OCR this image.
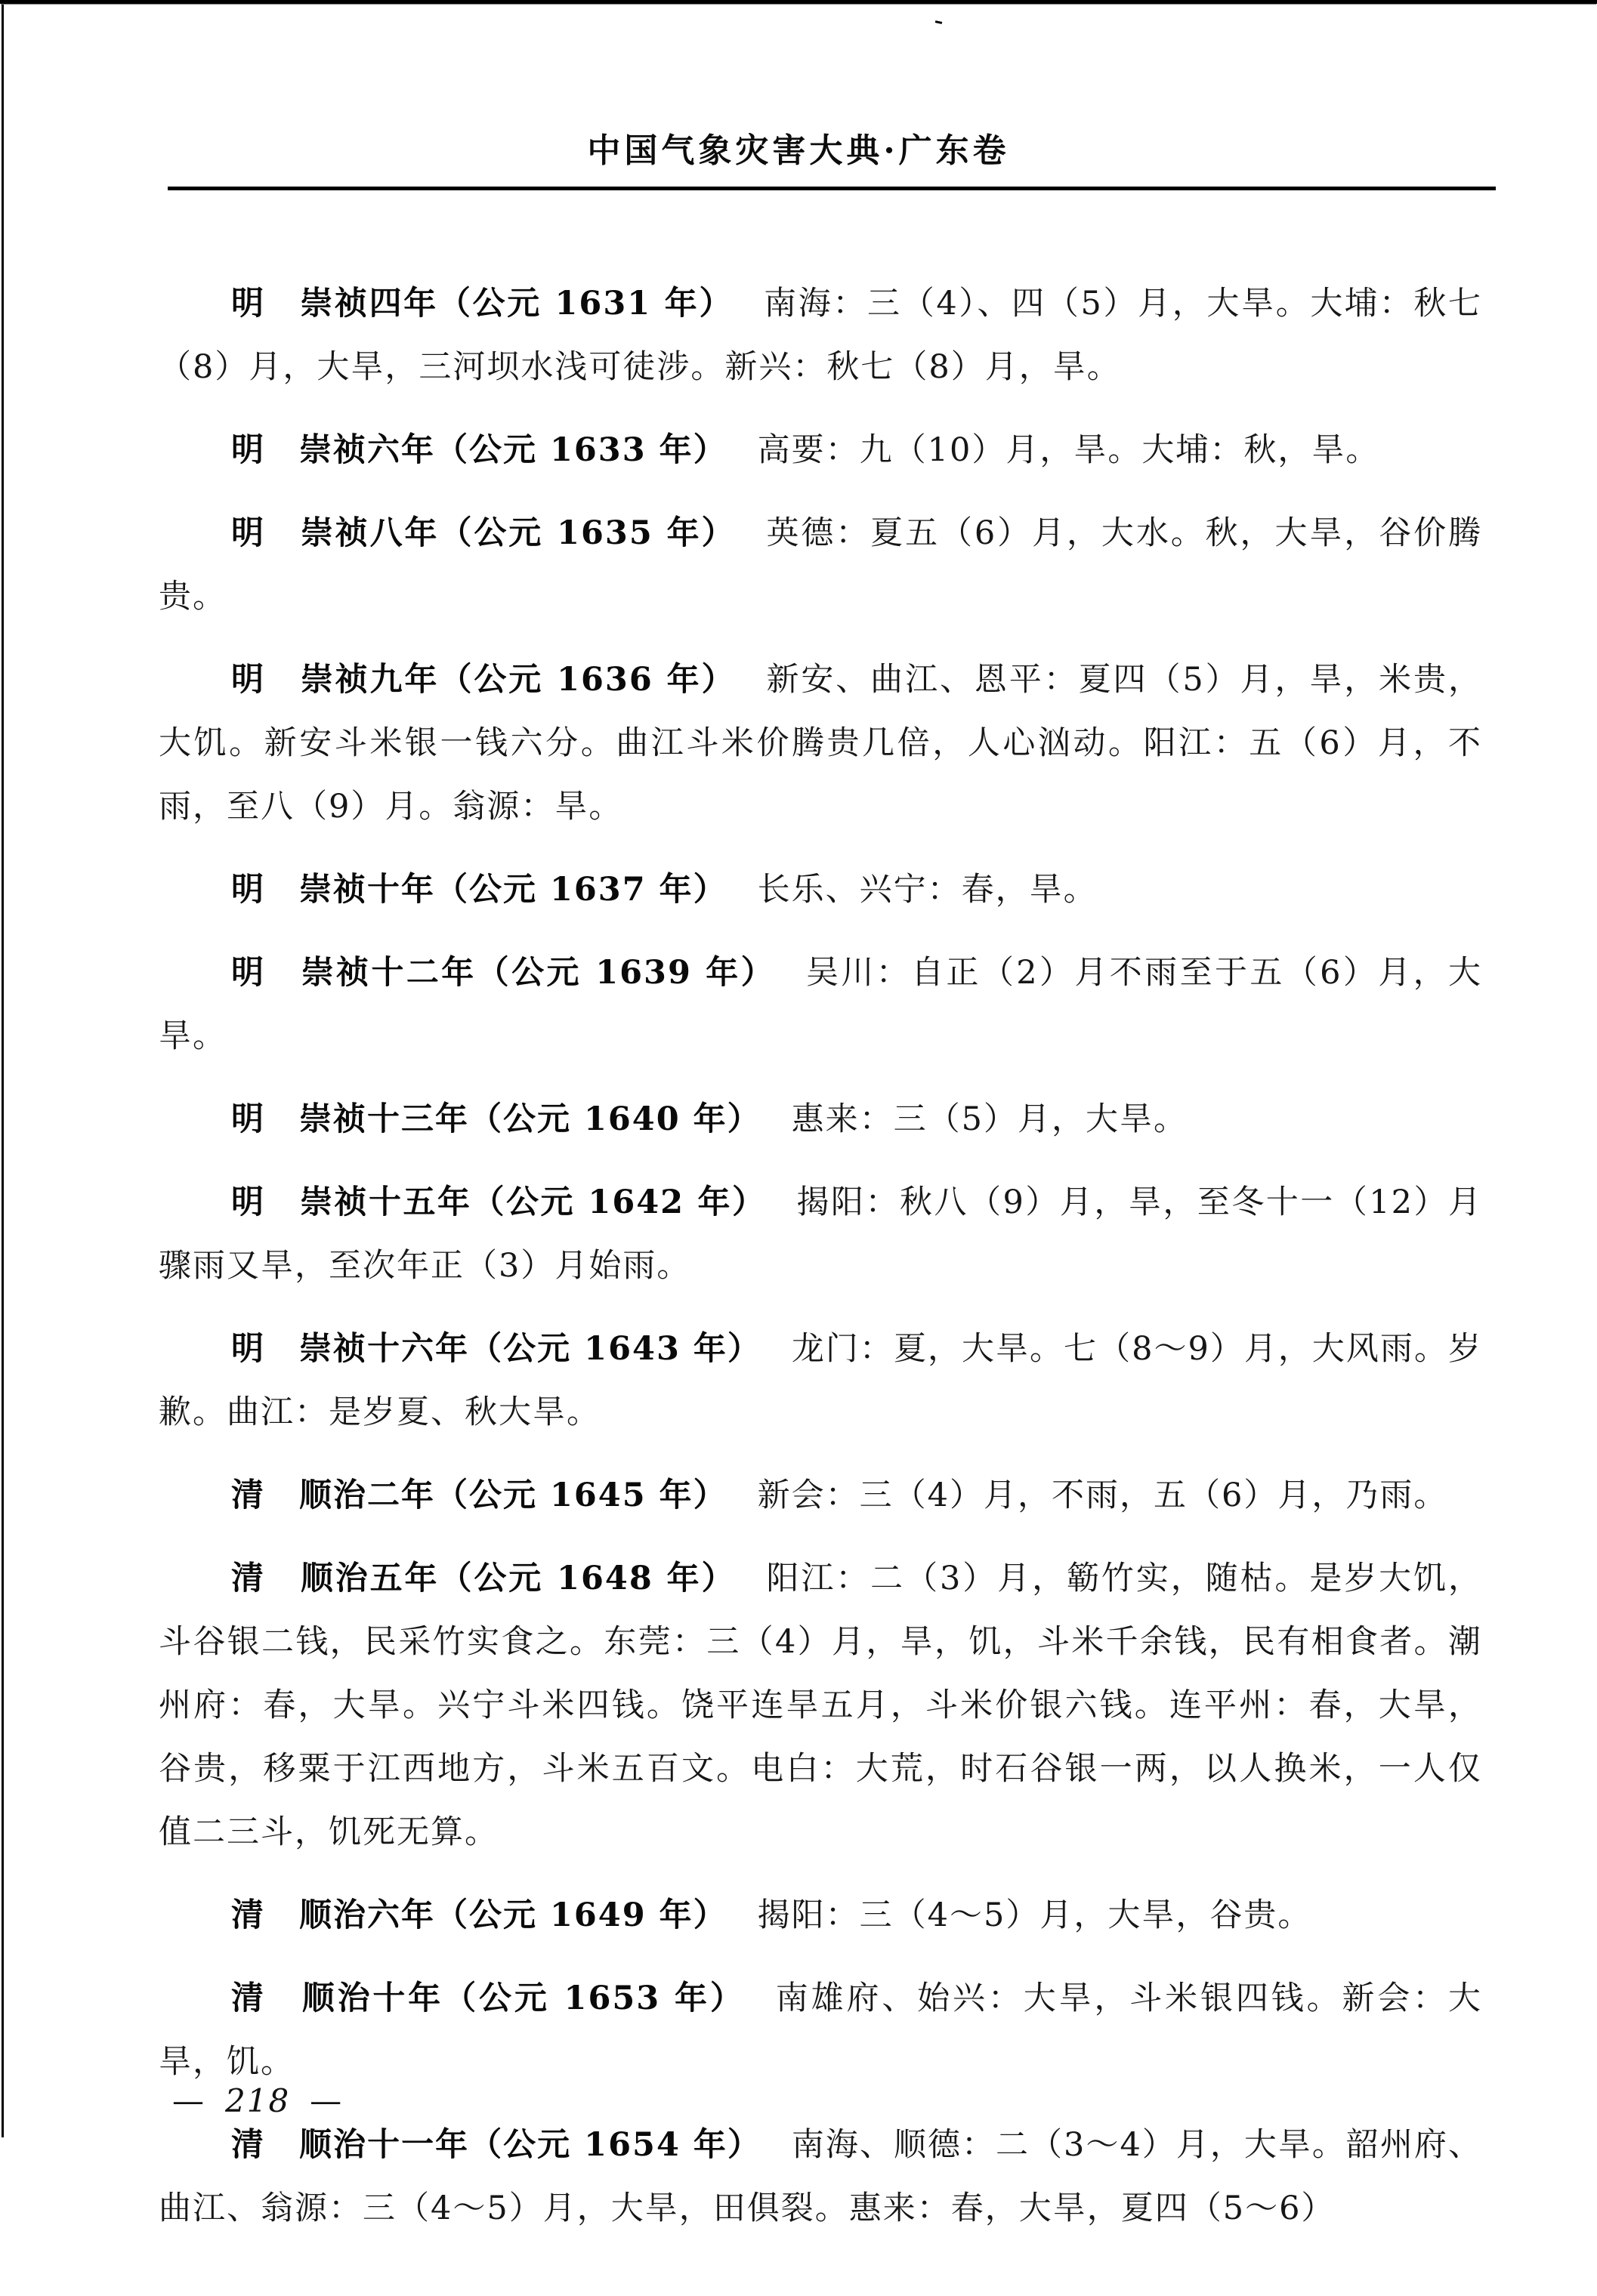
中国气象灾害大典·广东卷

明　崇祯四年（公元 1631 年） 南海：三（4）、四（5）月，大旱。大埔：秋七（8）月，大旱，三河坝水浅可徒涉。新兴：秋七（8）月，旱。

明　崇祯六年（公元 1633 年） 高要：九（10）月，旱。大埔：秋，旱。

明　崇祯八年（公元 1635 年） 英德：夏五（6）月，大水。秋，大旱，谷价腾贵。

明　崇祯九年（公元 1636 年） 新安、曲江、恩平：夏四（5）月，旱，米贵，大饥。新安斗米银一钱六分。曲江斗米价腾贵几倍，人心汹动。阳江：五（6）月，不雨，至八（9）月。翁源：旱。

明　崇祯十年（公元 1637 年） 长乐、兴宁：春，旱。

明　崇祯十二年（公元 1639 年） 吴川：自正（2）月不雨至于五（6）月，大旱。

明　崇祯十三年（公元 1640 年） 惠来：三（5）月，大旱。

明　崇祯十五年（公元 1642 年） 揭阳：秋八（9）月，旱，至冬十一（12）月骤雨又旱，至次年正（3）月始雨。

明　崇祯十六年（公元 1643 年） 龙门：夏，大旱。七（8～9）月，大风雨。岁歉。曲江：是岁夏、秋大旱。

清　顺治二年（公元 1645 年） 新会：三（4）月，不雨，五（6）月，乃雨。

清　顺治五年（公元 1648 年） 阳江：二（3）月，簕竹实，随枯。是岁大饥，斗谷银二钱，民采竹实食之。东莞：三（4）月，旱，饥，斗米千余钱，民有相食者。潮州府：春，大旱。兴宁斗米四钱。饶平连旱五月，斗米价银六钱。连平州：春，大旱，谷贵，移粟于江西地方，斗米五百文。电白：大荒，时石谷银一两，以人换米，一人仅值二三斗，饥死无算。

清　顺治六年（公元 1649 年） 揭阳：三（4～5）月，大旱，谷贵。

清　顺治十年（公元 1653 年） 南雄府、始兴：大旱，斗米银四钱。新会：大旱，饥。

清　顺治十一年（公元 1654 年） 南海、顺德：二（3～4）月，大旱。韶州府、曲江、翁源：三（4～5）月，大旱，田俱裂。惠来：春，大旱，夏四（5～6）

— 218 —
